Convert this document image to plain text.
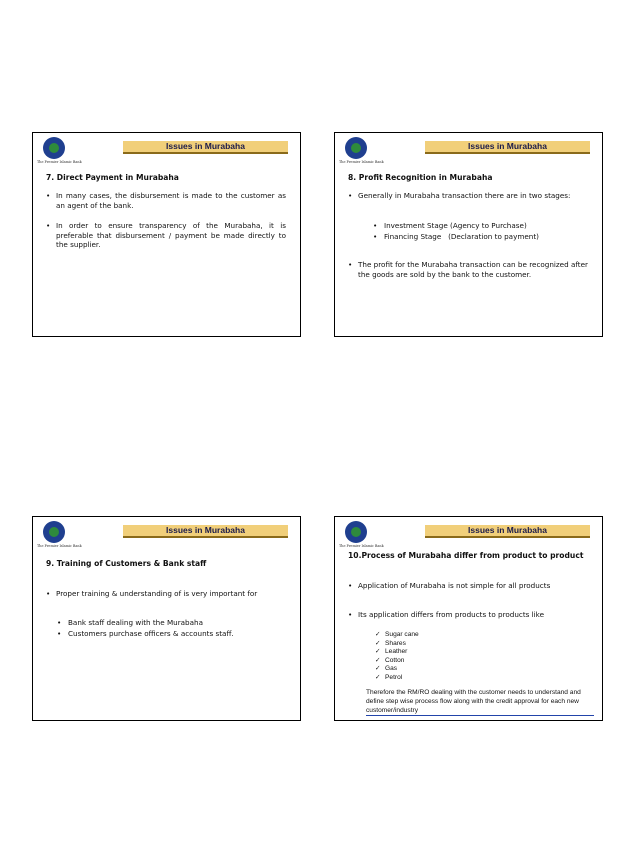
The Premier Islamic Bank
Issues in Murabaha
7. Direct Payment in Murabaha
• In many cases, the disbursement is made to the customer as an agent of the bank.
• In order to ensure transparency of the Murabaha, it is preferable that disbursement / payment be made directly to the supplier.
The Premier Islamic Bank
Issues in Murabaha
8. Profit Recognition in Murabaha
• Generally in Murabaha transaction there are in two stages:
• Investment Stage (Agency to Purchase)
• Financing Stage   (Declaration to payment)
• The profit for the Murabaha transaction can be recognized after the goods are sold by the bank to the customer.
The Premier Islamic Bank
Issues in Murabaha
9. Training of Customers & Bank staff
• Proper training & understanding of is very important for
• Bank staff dealing with the Murabaha
• Customers purchase officers & accounts staff.
The Premier Islamic Bank
Issues in Murabaha
10.Process of Murabaha differ from product to product
• Application of Murabaha is not simple for all products
• Its application differs from products to products like
✓ Sugar cane
✓ Shares
✓ Leather
✓ Cotton
✓ Gas
✓ Petrol
Therefore the RM/RO dealing with the customer needs to understand and define step wise process flow along with the credit approval for each new customer/industry
